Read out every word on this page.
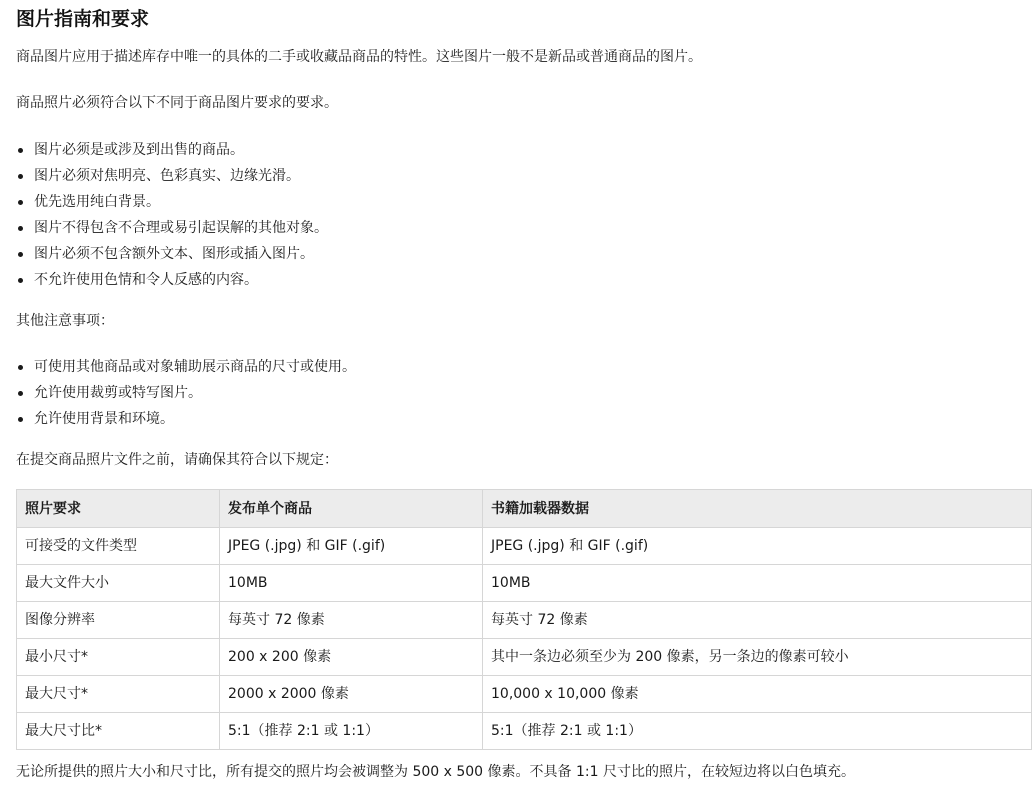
图片指南和要求

商品图片应用于描述库存中唯一的具体的二手或收藏品商品的特性。这些图片一般不是新品或普通商品的图片。

商品照片必须符合以下不同于商品图片要求的要求。

图片必须是或涉及到出售的商品。
图片必须对焦明亮、色彩真实、边缘光滑。
优先选用纯白背景。
图片不得包含不合理或易引起误解的其他对象。
图片必须不包含额外文本、图形或插入图片。
不允许使用色情和令人反感的内容。

其他注意事项：

可使用其他商品或对象辅助展示商品的尺寸或使用。
允许使用裁剪或特写图片。
允许使用背景和环境。

在提交商品照片文件之前，请确保其符合以下规定：

照片要求	发布单个商品	书籍加载器数据
可接受的文件类型	JPEG (.jpg) 和 GIF (.gif)	JPEG (.jpg) 和 GIF (.gif)
最大文件大小	10MB	10MB
图像分辨率	每英寸 72 像素	每英寸 72 像素
最小尺寸*	200 x 200 像素	其中一条边必须至少为 200 像素，另一条边的像素可较小
最大尺寸*	2000 x 2000 像素	10,000 x 10,000 像素
最大尺寸比*	5:1（推荐 2:1 或 1:1）	5:1（推荐 2:1 或 1:1）

无论所提供的照片大小和尺寸比，所有提交的照片均会被调整为 500 x 500 像素。不具备 1:1 尺寸比的照片，在较短边将以白色填充。
